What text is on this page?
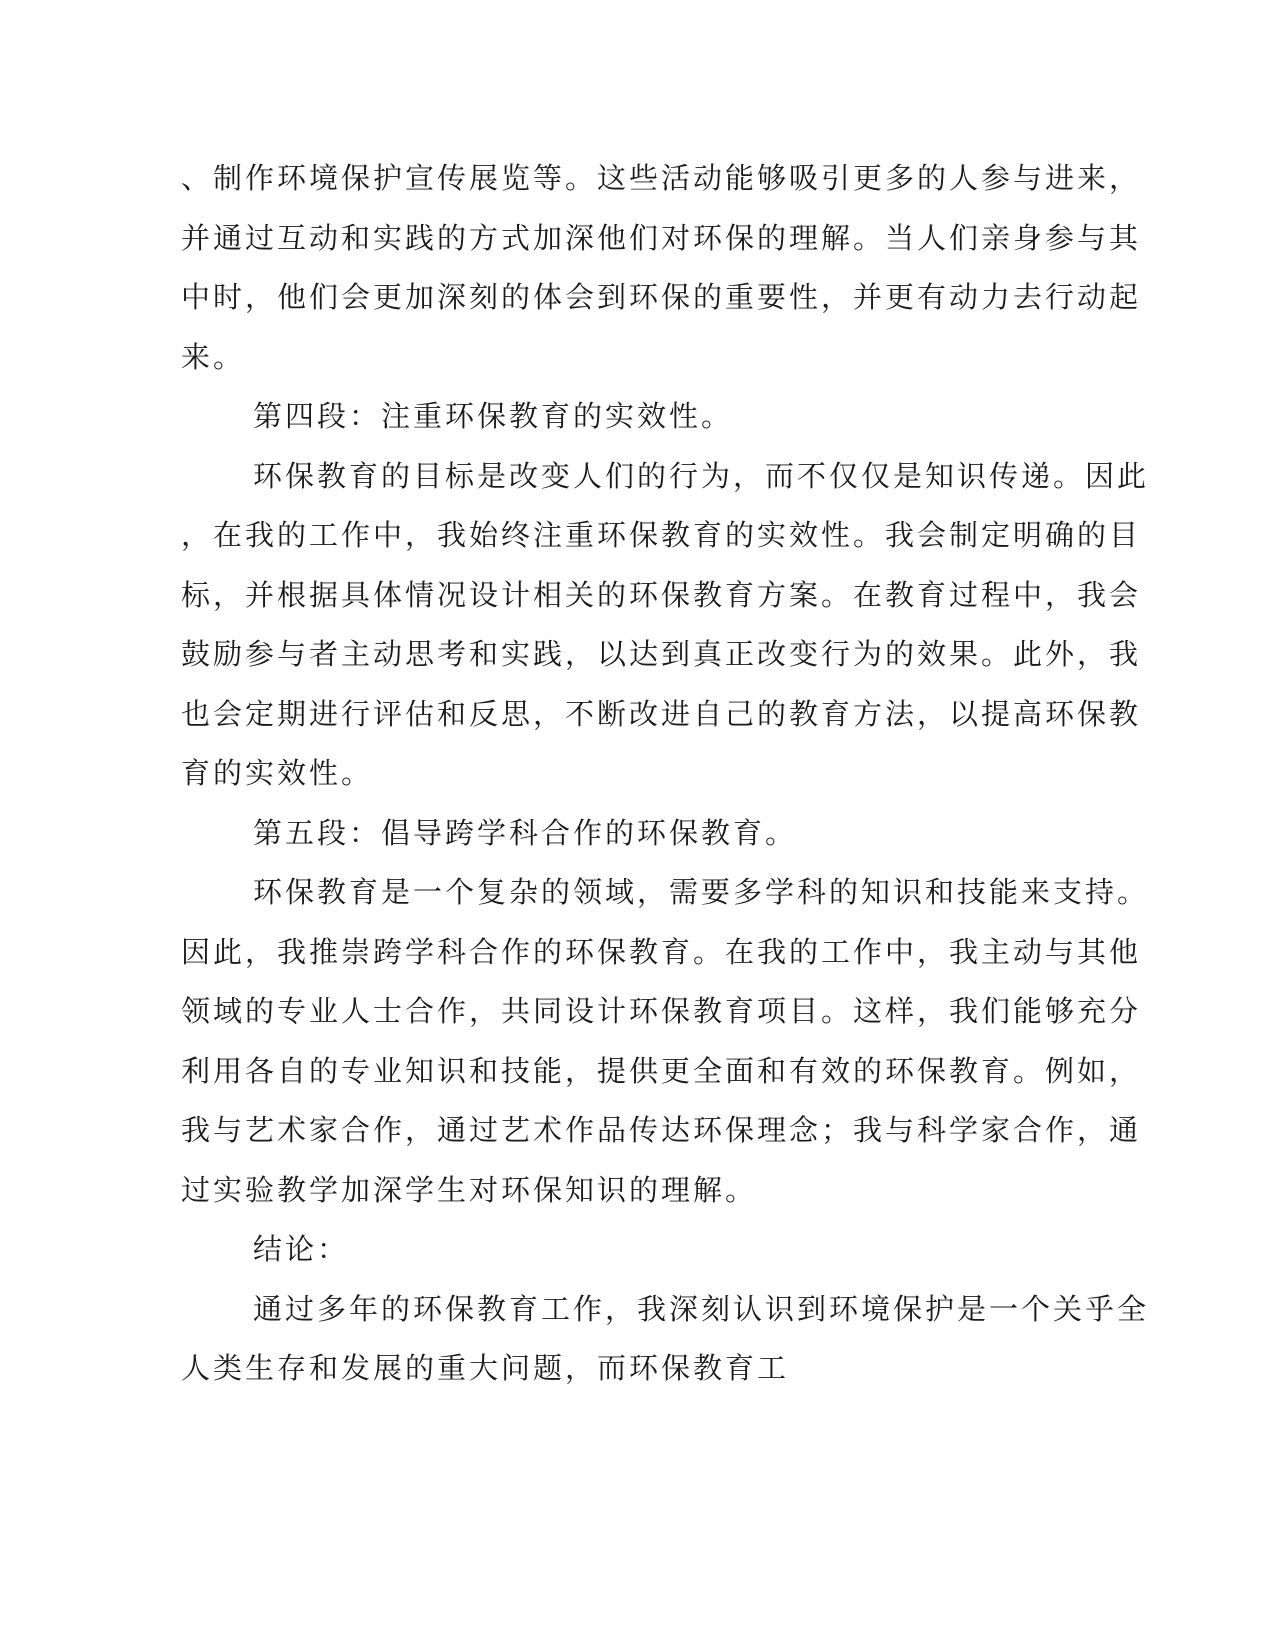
、制作环境保护宣传展览等。这些活动能够吸引更多的人参与进来，
并通过互动和实践的方式加深他们对环保的理解。当人们亲身参与其
中时，他们会更加深刻的体会到环保的重要性，并更有动力去行动起
来。
第四段：注重环保教育的实效性。
环保教育的目标是改变人们的行为，而不仅仅是知识传递。因此
，在我的工作中，我始终注重环保教育的实效性。我会制定明确的目
标，并根据具体情况设计相关的环保教育方案。在教育过程中，我会
鼓励参与者主动思考和实践，以达到真正改变行为的效果。此外，我
也会定期进行评估和反思，不断改进自己的教育方法，以提高环保教
育的实效性。
第五段：倡导跨学科合作的环保教育。
环保教育是一个复杂的领域，需要多学科的知识和技能来支持。
因此，我推崇跨学科合作的环保教育。在我的工作中，我主动与其他
领域的专业人士合作，共同设计环保教育项目。这样，我们能够充分
利用各自的专业知识和技能，提供更全面和有效的环保教育。例如，
我与艺术家合作，通过艺术作品传达环保理念；我与科学家合作，通
过实验教学加深学生对环保知识的理解。
结论：
通过多年的环保教育工作，我深刻认识到环境保护是一个关乎全
人类生存和发展的重大问题，而环保教育工
